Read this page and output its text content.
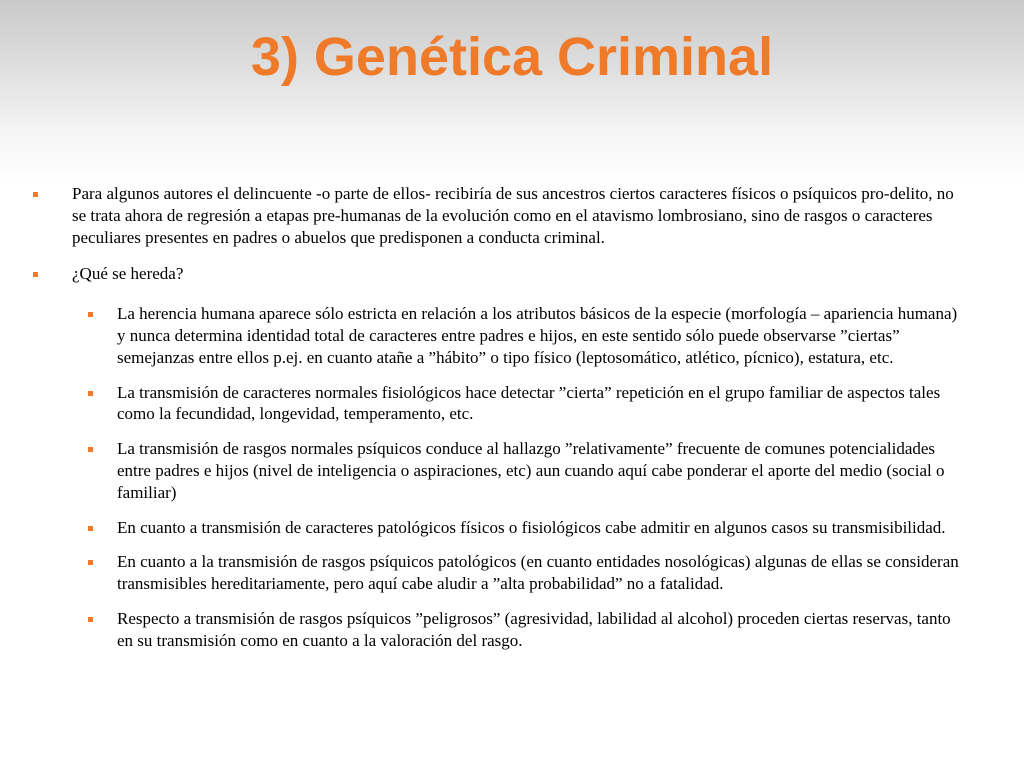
3) Genética Criminal
Para algunos autores el delincuente -o parte de ellos- recibiría de sus ancestros ciertos caracteres físicos o psíquicos pro-delito, no se trata ahora de regresión a etapas pre-humanas de la evolución como en el atavismo lombrosiano, sino de rasgos o caracteres peculiares presentes en padres o abuelos que predisponen a conducta criminal.
¿Qué se hereda?
La herencia humana aparece sólo estricta en relación a los atributos básicos de la especie (morfología – apariencia humana) y nunca determina identidad total de caracteres entre padres e hijos, en este sentido sólo puede observarse ”ciertas” semejanzas entre ellos p.ej. en cuanto atañe a ”hábito” o tipo físico (leptosomático, atlético, pícnico), estatura, etc.
La transmisión de caracteres normales fisiológicos hace detectar ”cierta” repetición en el grupo familiar de aspectos tales como la fecundidad, longevidad, temperamento, etc.
La transmisión de rasgos normales psíquicos conduce al hallazgo ”relativamente” frecuente de comunes potencialidades entre padres e hijos (nivel de inteligencia o aspiraciones, etc) aun cuando aquí cabe ponderar el aporte del medio (social o familiar)
En cuanto a transmisión de caracteres patológicos físicos o fisiológicos cabe admitir en algunos casos su transmisibilidad.
En cuanto a la transmisión de rasgos psíquicos patológicos (en cuanto entidades nosológicas) algunas de ellas se consideran transmisibles hereditariamente, pero aquí cabe aludir a ”alta probabilidad” no a fatalidad.
Respecto a transmisión de rasgos psíquicos ”peligrosos” (agresividad, labilidad al alcohol) proceden ciertas reservas, tanto en su transmisión como en cuanto a la valoración del rasgo.
